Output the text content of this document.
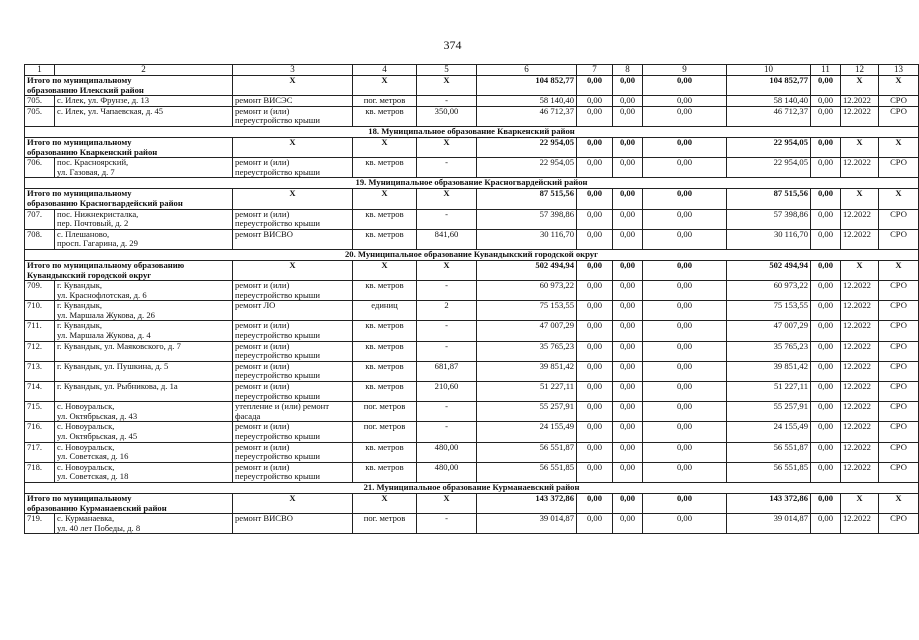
374
1	2	3	4	5	6	7	8	9	10	11	12	13
Итого по муниципальному
образованию Илекский район		Х	Х	Х	104 852,77	0,00	0,00	0,00	104 852,77	0,00	Х	Х
705.	с. Илек, ул. Фрунзе, д. 13	ремонт ВИСЭС	пог. метров	-	58 140,40	0,00	0,00	0,00	58 140,40	0,00	12.2022	СРО
705.	с. Илек, ул. Чапаевская, д. 45	ремонт и (или)
переустройство крыши	кв. метров	350,00	46 712,37	0,00	0,00	0,00	46 712,37	0,00	12.2022	СРО
18. Муниципальное образование Кваркенский район												
Итого по муниципальному
образованию Кваркенский район		Х	Х	Х	22 954,05	0,00	0,00	0,00	22 954,05	0,00	Х	Х
706.	пос. Красноярский,
ул. Газовая, д. 7	ремонт и (или)
переустройство крыши	кв. метров	-	22 954,05	0,00	0,00	0,00	22 954,05	0,00	12.2022	СРО
19. Муниципальное образование Красногвардейский район												
Итого по муниципальному
образованию Красногвардейский район		Х	Х	Х	87 515,56	0,00	0,00	0,00	87 515,56	0,00	Х	Х
707.	пос. Нижнекристалка,
пер. Почтовый, д. 2	ремонт и (или)
переустройство крыши	кв. метров	-	57 398,86	0,00	0,00	0,00	57 398,86	0,00	12.2022	СРО
708.	с. Плешаново,
просп. Гагарина, д. 29	ремонт ВИСВО	кв. метров	841,60	30 116,70	0,00	0,00	0,00	30 116,70	0,00	12.2022	СРО
20. Муниципальное образование Кувандыкский городской округ												
Итого по муниципальному образованию
Кувандыкский городской округ		Х	Х	Х	502 494,94	0,00	0,00	0,00	502 494,94	0,00	Х	Х
709.	г. Кувандык,
ул. Краснофлотская, д. 6	ремонт и (или)
переустройство крыши	кв. метров	-	60 973,22	0,00	0,00	0,00	60 973,22	0,00	12.2022	СРО
710.	г. Кувандык,
ул. Маршала Жукова, д. 26	ремонт ЛО	единиц	2	75 153,55	0,00	0,00	0,00	75 153,55	0,00	12.2022	СРО
711.	г. Кувандык,
ул. Маршала Жукова, д. 4	ремонт и (или)
переустройство крыши	кв. метров	-	47 007,29	0,00	0,00	0,00	47 007,29	0,00	12.2022	СРО
712.	г. Кувандык, ул. Маяковского, д. 7	ремонт и (или)
переустройство крыши	кв. метров	-	35 765,23	0,00	0,00	0,00	35 765,23	0,00	12.2022	СРО
713.	г. Кувандык, ул. Пушкина, д. 5	ремонт и (или)
переустройство крыши	кв. метров	681,87	39 851,42	0,00	0,00	0,00	39 851,42	0,00	12.2022	СРО
714.	г. Кувандык, ул. Рыбникова, д. 1а	ремонт и (или)
переустройство крыши	кв. метров	210,60	51 227,11	0,00	0,00	0,00	51 227,11	0,00	12.2022	СРО
715.	с. Новоуральск,
ул. Октябрьская, д. 43	утепление и (или) ремонт
фасада	пог. метров	-	55 257,91	0,00	0,00	0,00	55 257,91	0,00	12.2022	СРО
716.	с. Новоуральск,
ул. Октябрьская, д. 45	ремонт и (или)
переустройство крыши	пог. метров	-	24 155,49	0,00	0,00	0,00	24 155,49	0,00	12.2022	СРО
717.	с. Новоуральск,
ул. Советская, д. 16	ремонт и (или)
переустройство крыши	кв. метров	480,00	56 551,87	0,00	0,00	0,00	56 551,87	0,00	12.2022	СРО
718.	с. Новоуральск,
ул. Советская, д. 18	ремонт и (или)
переустройство крыши	кв. метров	480,00	56 551,85	0,00	0,00	0,00	56 551,85	0,00	12.2022	СРО
21. Муниципальное образование Курманаевский район												
Итого по муниципальному
образованию Курманаевский район		Х	Х	Х	143 372,86	0,00	0,00	0,00	143 372,86	0,00	Х	Х
719.	с. Курманаевка,
ул. 40 лет Победы, д. 8	ремонт ВИСВО	пог. метров	-	39 014,87	0,00	0,00	0,00	39 014,87	0,00	12.2022	СРО
